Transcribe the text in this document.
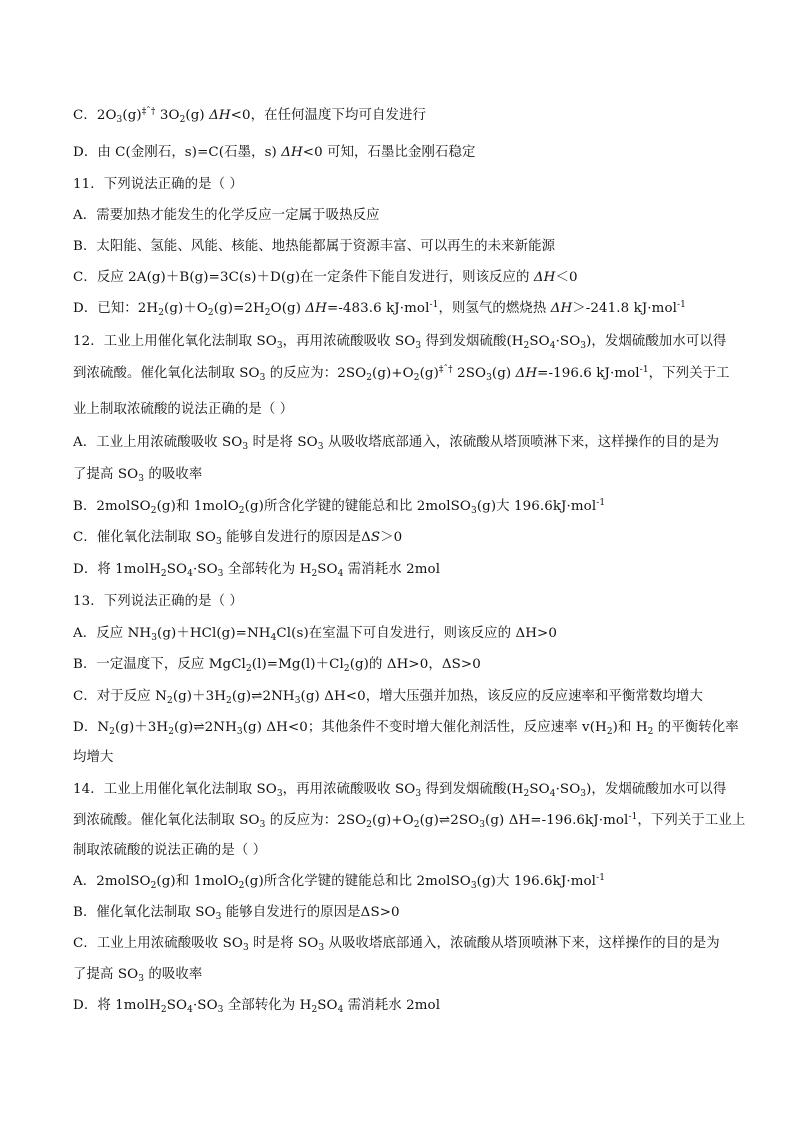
C．$2O_3(g)^{\ddagger ˆ\dagger}$ $3O_2(g)$ ΔH<0，在任何温度下均可自发进行
D．由 C(金刚石，s)=C(石墨，s) ΔH<0 可知，石墨比金刚石稳定
11．下列说法正确的是（ ）
A．需要加热才能发生的化学反应一定属于吸热反应
B．太阳能、氢能、风能、核能、地热能都属于资源丰富、可以再生的未来新能源
C．反应 2A(g)＋B(g)=3C(s)＋D(g)在一定条件下能自发进行，则该反应的 ΔH＜0
D．已知：$2H_2(g)+O_2(g)=2H_2O(g)$ ΔH=-483.6 kJ·mol$^{-1}$，则氢气的燃烧热 ΔH＞-241.8 kJ·mol$^{-1}$
12．工业上用催化氧化法制取 $SO_3$，再用浓硫酸吸收 $SO_3$ 得到发烟硫酸$(H_2SO_4\cdot SO_3)$，发烟硫酸加水可以得
到浓硫酸。催化氧化法制取 $SO_3$ 的反应为：$2SO_2(g)+O_2(g)^{\ddagger ˆ\dagger}$ $2SO_3(g)$ ΔH=-196.6 kJ·mol$^{-1}$，下列关于工
业上制取浓硫酸的说法正确的是（ ）
A．工业上用浓硫酸吸收 $SO_3$ 时是将 $SO_3$ 从吸收塔底部通入，浓硫酸从塔顶喷淋下来，这样操作的目的是为
了提高 $SO_3$ 的吸收率
B．2molSO$_2$(g)和 1molO$_2$(g)所含化学键的键能总和比 2molSO$_3$(g)大 196.6kJ·mol$^{-1}$
C．催化氧化法制取 $SO_3$ 能够自发进行的原因是ΔS＞0
D．将 $1molH_2SO_4\cdot SO_3$ 全部转化为 $H_2SO_4$ 需消耗水 2mol
13．下列说法正确的是（ ）
A．反应 $NH_3(g)+HCl(g)=NH_4Cl(s)$在室温下可自发进行，则该反应的 ΔH>0
B．一定温度下，反应 $MgCl_2(l)=Mg(l)+Cl_2(g)$的 ΔH>0，ΔS>0
C．对于反应 $N_2(g)+3H_2(g)\rightleftharpoons 2NH_3(g)$ ΔH<0，增大压强并加热，该反应的反应速率和平衡常数均增大
D．$N_2(g)+3H_2(g)\rightleftharpoons 2NH_3(g)$ ΔH<0；其他条件不变时增大催化剂活性，反应速率 $v(H_2)$和 $H_2$ 的平衡转化率
均增大
14．工业上用催化氧化法制取 $SO_3$，再用浓硫酸吸收 $SO_3$ 得到发烟硫酸$(H_2SO_4\cdot SO_3)$，发烟硫酸加水可以得
到浓硫酸。催化氧化法制取 $SO_3$ 的反应为：$2SO_2(g)+O_2(g)\rightleftharpoons 2SO_3(g)$ ΔH=-196.6kJ·mol$^{-1}$，下列关于工业上
制取浓硫酸的说法正确的是（ ）
A．2molSO$_2$(g)和 1molO$_2$(g)所含化学键的键能总和比 2molSO$_3$(g)大 196.6kJ·mol$^{-1}$
B．催化氧化法制取 $SO_3$ 能够自发进行的原因是ΔS>0
C．工业上用浓硫酸吸收 $SO_3$ 时是将 $SO_3$ 从吸收塔底部通入，浓硫酸从塔顶喷淋下来，这样操作的目的是为
了提高 $SO_3$ 的吸收率
D．将 $1molH_2SO_4\cdot SO_3$ 全部转化为 $H_2SO_4$ 需消耗水 2mol
